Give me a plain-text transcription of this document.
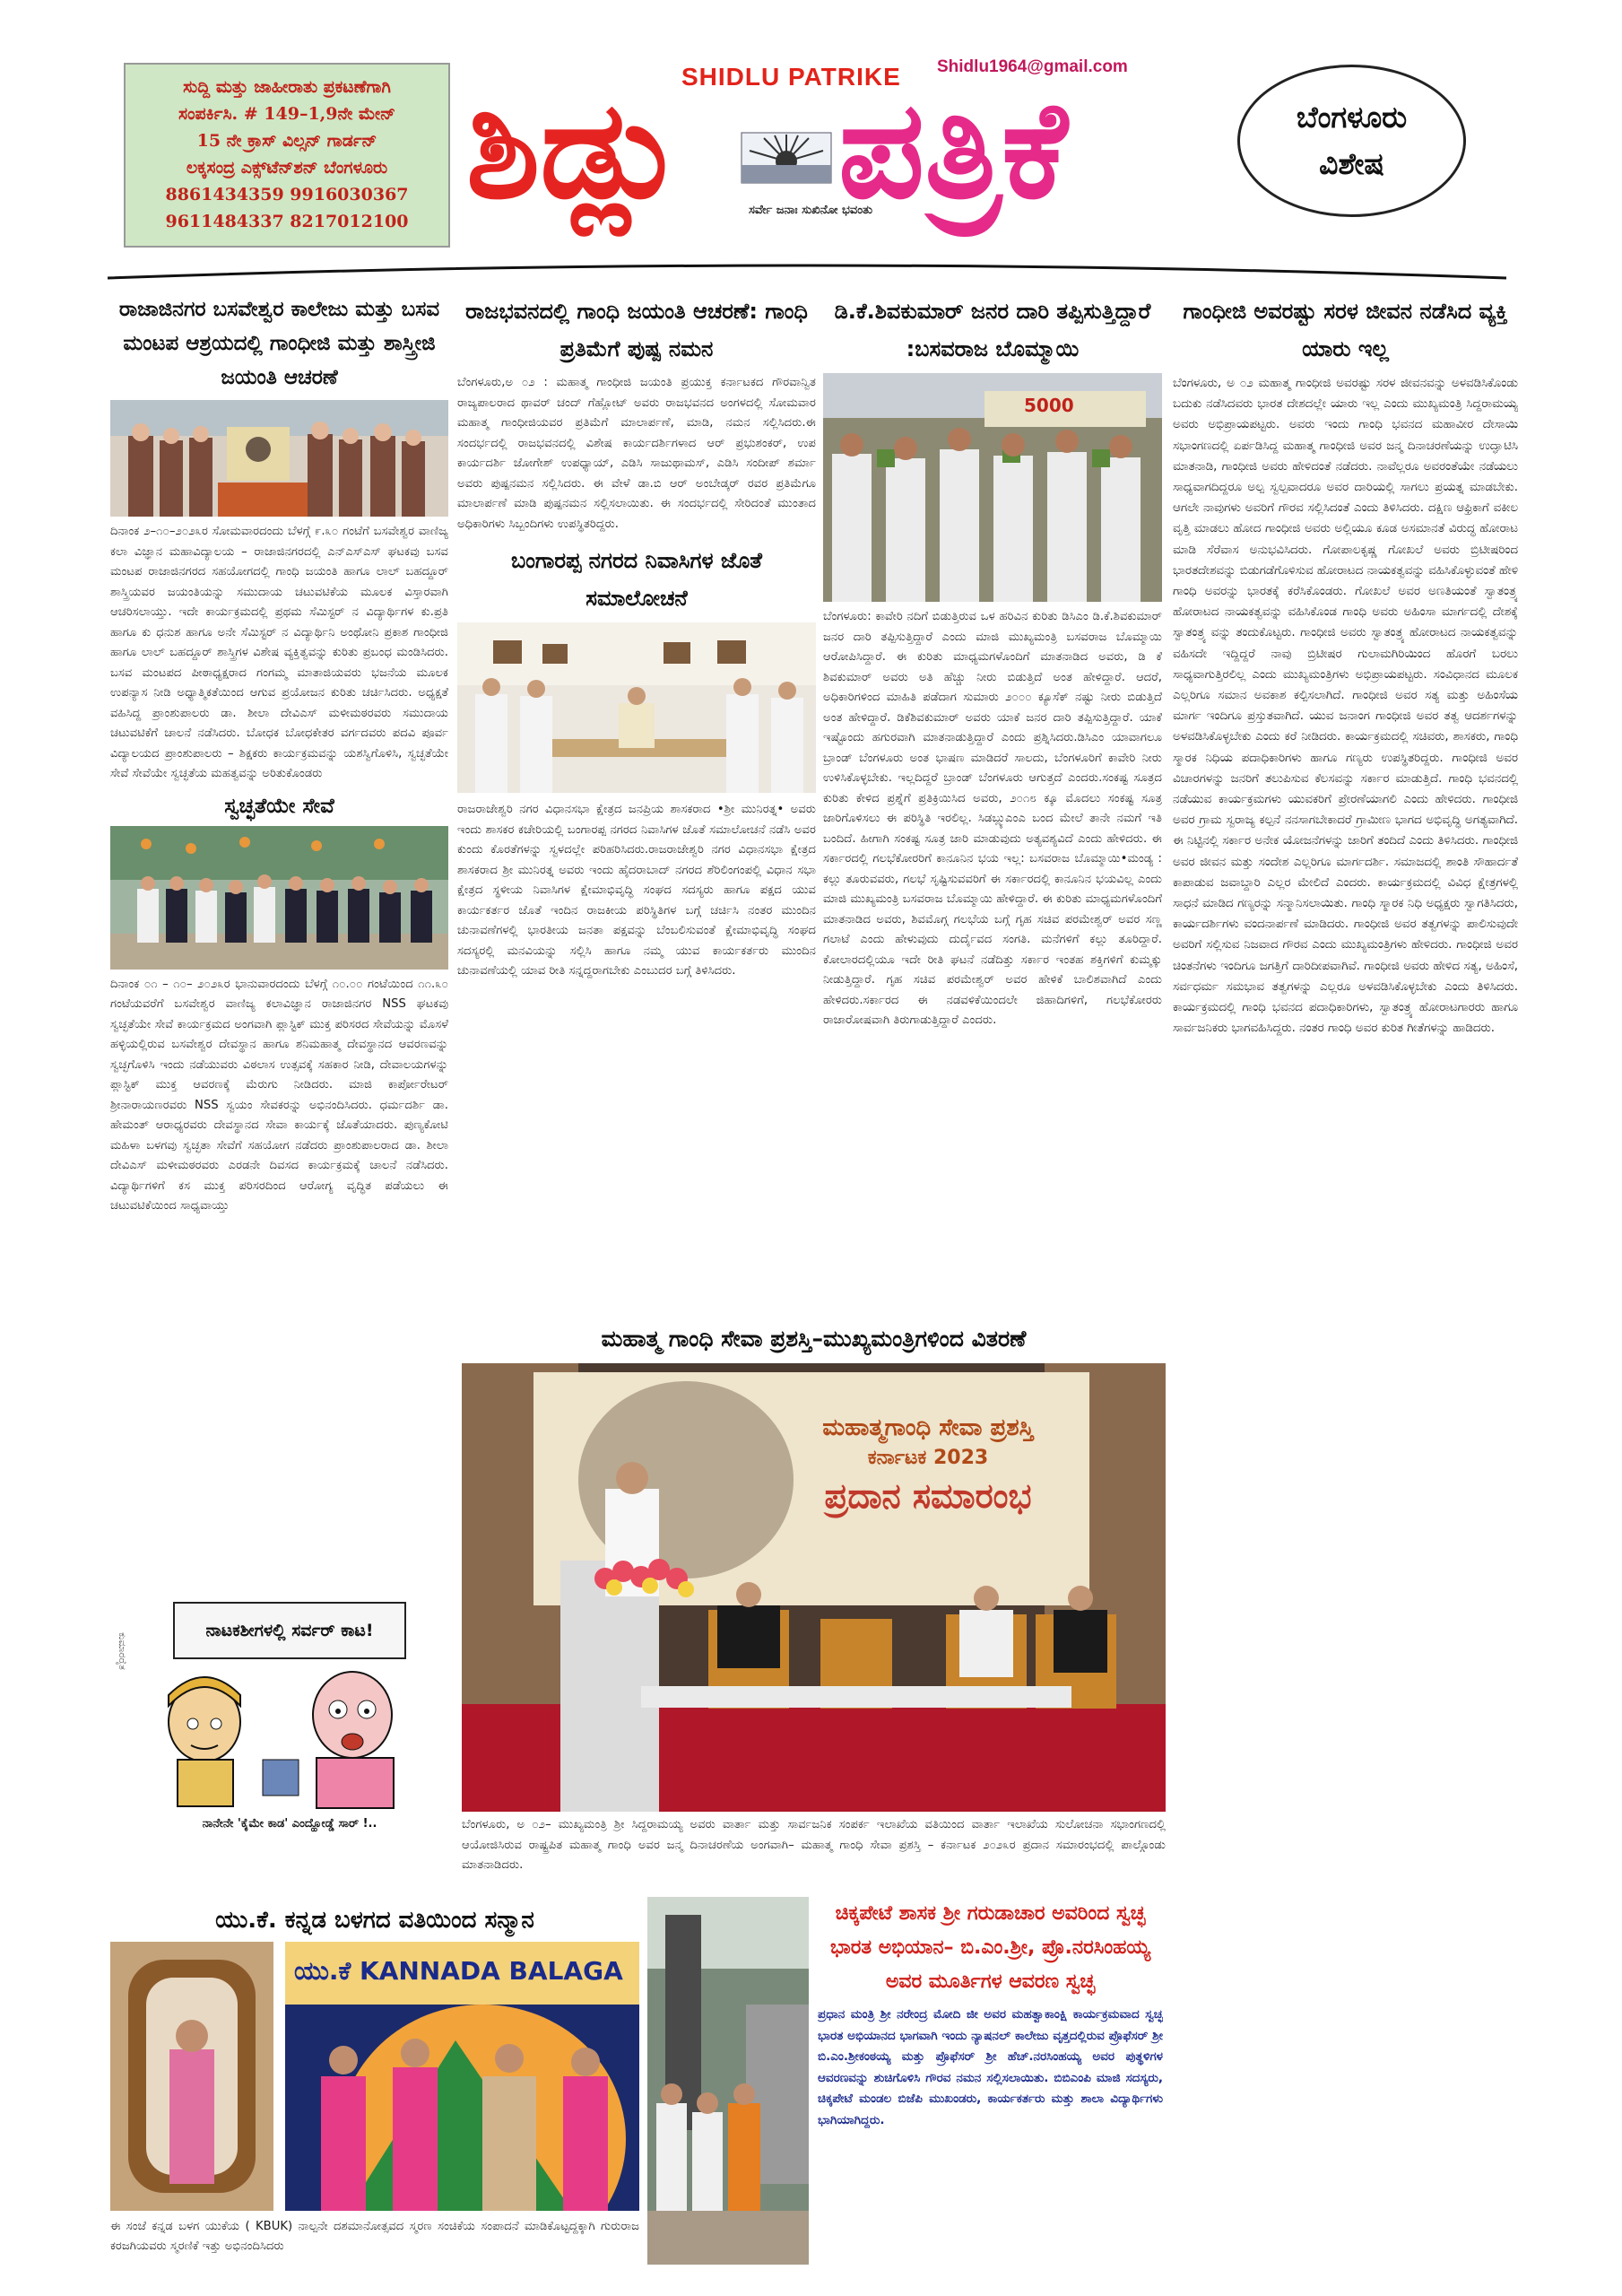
ಸುದ್ದಿ ಮತ್ತು ಜಾಹೀರಾತು ಪ್ರಕಟಣೆಗಾಗಿ

ಸಂಪರ್ಕಿಸಿ. # 149–1,9ನೇ ಮೇನ್

15 ನೇ ಕ್ರಾಸ್ ವಿಲ್ಸನ್ ಗಾರ್ಡನ್

ಲಕ್ಕಸಂದ್ರ ಎಕ್ಸ್‌ಟೆನ್‌ಶನ್ ಬೆಂಗಳೂರು

8861434359 9916030367

9611484337 8217012100

SHIDLU PATRIKE Shidlu1964@gmail.com
ಶಿಡ್ಲು ಪತ್ರಿಕೆ
ಸರ್ವೇ ಜನಾಃ ಸುಖಿನೋ ಭವಂತು
ಬೆಂಗಳೂರು
ವಿಶೇಷ
ರಾಜಾಜಿನಗರ ಬಸವೇಶ್ವರ ಕಾಲೇಜು ಮತ್ತು ಬಸವ ಮಂಟಪ ಆಶ್ರಯದಲ್ಲಿ ಗಾಂಧೀಜಿ ಮತ್ತು ಶಾಸ್ತ್ರೀಜಿ ಜಯಂತಿ ಆಚರಣೆ
ದಿನಾಂಕ ೨–೧೦–೨೦೨೩ರ ಸೋಮವಾರದಂದು ಬೆಳಗ್ಗೆ ೯.೩೦ ಗಂಟೆಗೆ ಬಸವೇಶ್ವರ ವಾಣಿಜ್ಯ ಕಲಾ ವಿಜ್ಞಾನ ಮಹಾವಿದ್ಯಾಲಯ – ರಾಜಾಜಿನಗರದಲ್ಲಿ ಎನ್‌ಎಸ್‌ಎಸ್ ಘಟಕವು ಬಸವ ಮಂಟಪ ರಾಜಾಜಿನಗರದ ಸಹಯೋಗದಲ್ಲಿ ಗಾಂಧಿ ಜಯಂತಿ ಹಾಗೂ ಲಾಲ್ ಬಹದ್ದೂರ್ ಶಾಸ್ತ್ರಿಯವರ ಜಯಂತಿಯನ್ನು ಸಮುದಾಯ ಚಟುವಟಿಕೆಯ ಮೂಲಕ ವಿಸ್ತಾರವಾಗಿ ಆಚರಿಸಲಾಯ್ತು. ಇದೇ ಕಾರ್ಯಕ್ರಮದಲ್ಲಿ ಪ್ರಥಮ ಸೆಮಿಸ್ಟರ್ ನ ವಿದ್ಯಾರ್ಥಿಗಳ ಕು.ಪ್ರತಿ ಹಾಗೂ ಕು ಧನುಶ ಹಾಗೂ ಅನೇ ಸೆಮಿಸ್ಟರ್ ನ ವಿದ್ಯಾರ್ಥಿನಿ ಅಂಥೋನಿ ಪ್ರಕಾಶ ಗಾಂಧೀಜಿ ಹಾಗೂ ಲಾಲ್ ಬಹದ್ದೂರ್ ಶಾಸ್ತ್ರಿಗಳ ವಿಶೇಷ ವ್ಯಕ್ತಿತ್ವವನ್ನು ಕುರಿತು ಪ್ರಬಂಧ ಮಂಡಿಸಿದರು. ಬಸವ ಮಂಟಪದ ಪೀಠಾಧ್ಯಕ್ಷರಾದ ಗಂಗಮ್ಮ ಮಾತಾಜಿಯವರು ಭಜನೆಯ ಮೂಲಕ ಉಪನ್ಯಾಸ ನೀಡಿ ಅಧ್ಯಾತ್ಮಿಕತೆಯಿಂದ ಆಗುವ ಪ್ರಯೋಜನ ಕುರಿತು ಚರ್ಚಿಸಿದರು. ಅಧ್ಯಕ್ಷತೆ ವಹಿಸಿದ್ದ ಪ್ರಾಂಶುಪಾಲರು ಡಾ. ಶೀಲಾ ದೇವಿಎಸ್ ಮಳೀಮಠರವರು ಸಮುದಾಯ ಚಟುವಟಿಕೆಗೆ ಚಾಲನೆ ನಡೆಸಿದರು. ಬೋಧಕ ಬೋಧಕೇತರ ವರ್ಗದವರು ಪದವಿ ಪೂರ್ವ ವಿದ್ಯಾಲಯದ ಪ್ರಾಂಶುಪಾಲರು – ಶಿಕ್ಷಕರು ಕಾರ್ಯಕ್ರಮವನ್ನು ಯಶಸ್ವಿಗೊಳಿಸಿ, ಸ್ವಚ್ಛತೆಯೇ ಸೇವೆ ಸೇವೆಯೇ ಸ್ವಚ್ಛತೆಯ ಮಹತ್ವವನ್ನು ಅರಿತುಕೊಂಡರು
ಸ್ವಚ್ಛತೆಯೇ ಸೇವೆ
ದಿನಾಂಕ ೦೧ – ೧೦– ೨೦೨೩ರ ಭಾನುವಾರದಂದು ಬೆಳಗ್ಗೆ ೧೦.೦೦ ಗಂಟೆಯಿಂದ ೧೧.೩೦ ಗಂಟೆಯವರೆಗೆ ಬಸವೇಶ್ವರ ವಾಣಿಜ್ಯ ಕಲಾವಿಜ್ಞಾನ ರಾಜಾಜಿನಗರ NSS ಘಟಕವು ಸ್ವಚ್ಛತೆಯೇ ಸೇವೆ ಕಾರ್ಯಕ್ರಮದ ಅಂಗವಾಗಿ ಪ್ಲಾಸ್ಟಿಕ್ ಮುಕ್ತ ಪರಿಸರದ ಸೇವೆಯನ್ನು ಮೊಸಳೆ ಹಳ್ಳಿಯಲ್ಲಿರುವ ಬಸವೇಶ್ವರ ದೇವಸ್ಥಾನ ಹಾಗೂ ಶನಿಮಹಾತ್ಮ ದೇವಸ್ಥಾನದ ಆವರಣವನ್ನು ಸ್ವಚ್ಛಗೊಳಿಸಿ ಇಂದು ನಡೆಯುವರು ವಿಠಲಾಸ ಉತ್ಸವಕ್ಕೆ ಸಹಕಾರ ನೀಡಿ, ದೇವಾಲಯಗಳನ್ನು ಪ್ಲಾಸ್ಟಿಕ್ ಮುಕ್ತ ಆವರಣಕ್ಕೆ ಮೆರುಗು ನೀಡಿದರು. ಮಾಜಿ ಕಾರ್ಪೋರೇಟರ್ ಶ್ರೀನಾರಾಯಣರವರು NSS ಸ್ವಯಂ ಸೇವಕರನ್ನು ಅಭಿನಂದಿಸಿದರು. ಧರ್ಮದರ್ಶಿ ಡಾ. ಹೇಮಂತ್ ಆರಾಧ್ಯರವರು ದೇವಸ್ಥಾನದ ಸೇವಾ ಕಾರ್ಯಕ್ಕೆ ಜೊತೆಯಾದರು. ಪುಣ್ಯಕೋಟಿ ಮಹಿಳಾ ಬಳಗವು ಸ್ವಚ್ಛತಾ ಸೇವೆಗೆ ಸಹಯೋಗ ನಡೆದರು ಪ್ರಾಂಶುಪಾಲರಾದ ಡಾ. ಶೀಲಾ ದೇವಿಎಸ್ ಮಳೀಮಠರವರು ಎರಡನೇ ದಿವಸದ ಕಾರ್ಯಕ್ರಮಕ್ಕೆ ಚಾಲನೆ ನಡೆಸಿದರು. ವಿದ್ಯಾರ್ಥಿಗಳಿಗೆ ಕಸ ಮುಕ್ತ ಪರಿಸರದಿಂದ ಆರೋಗ್ಯ ವೃದ್ಧಿತ ಪಡೆಯಲು ಈ ಚಟುವಟಿಕೆಯಿಂದ ಸಾಧ್ಯವಾಯ್ತು
ನಾಟಕಶೀಗಳಲ್ಲಿ ಸರ್ವರ್ ಕಾಟ!
ಕುಮಾರರೈತ
ನಾನೇನೇ 'ಕೈಮೇ ಕಾಡ' ಎಂದ್ಹೋಡ್ಡೆ ಸಾರ್ !..
ರಾಜಭವನದಲ್ಲಿ ಗಾಂಧಿ ಜಯಂತಿ ಆಚರಣೆ: ಗಾಂಧಿ ಪ್ರತಿಮೆಗೆ ಪುಷ್ಪ ನಮನ
ಬೆಂಗಳೂರು,ಅ ೦೨ : ಮಹಾತ್ಮ ಗಾಂಧೀಜಿ ಜಯಂತಿ ಪ್ರಯುಕ್ತ ಕರ್ನಾಟಕದ ಗೌರವಾನ್ವಿತ ರಾಜ್ಯಪಾಲರಾದ ಥಾವರ್ ಚಂದ್ ಗೆಹ್ಲೋಟ್ ಅವರು ರಾಜಭವನದ ಅಂಗಳದಲ್ಲಿ ಸೋಮವಾರ ಮಹಾತ್ಮ ಗಾಂಧೀಜಿಯವರ ಪ್ರತಿಮೆಗೆ ಮಾಲಾರ್ಪಣೆ, ಮಾಡಿ, ನಮನ ಸಲ್ಲಿಸಿದರು.ಈ ಸಂದರ್ಭದಲ್ಲಿ ರಾಜಭವನದಲ್ಲಿ ವಿಶೇಷ ಕಾರ್ಯದರ್ಶಿಗಳಾದ ಆರ್ ಪ್ರಭುಶಂಕರ್, ಉಪ ಕಾರ್ಯದರ್ಶಿ ಜೋಗೇಶ್ ಉಪಧ್ಯಾಯ್, ಎಡಿಸಿ ಸಾಜುಥಾಮಸ್, ಎಡಿಸಿ ಸಂದೀಪ್ ಶರ್ಮಾ ಅವರು ಪುಷ್ಪನಮನ ಸಲ್ಲಿಸಿದರು. ಈ ವೇಳೆ ಡಾ.ಬಿ ಆರ್ ಅಂಬೇಡ್ಕರ್ ರವರ ಪ್ರತಿಮೆಗೂ ಮಾಲಾರ್ಪಣೆ ಮಾಡಿ ಪುಷ್ಪನಮನ ಸಲ್ಲಿಸಲಾಯಿತು. ಈ ಸಂದರ್ಭದಲ್ಲಿ ಸೇರಿದಂತೆ ಮುಂತಾದ ಅಧಿಕಾರಿಗಳು ಸಿಬ್ಬಂದಿಗಳು ಉಪಸ್ಥಿತರಿದ್ದರು.
ಬಂಗಾರಪ್ಪ ನಗರದ ನಿವಾಸಿಗಳ ಜೊತೆ ಸಮಾಲೋಚನೆ
ರಾಜರಾಜೇಶ್ವರಿ ನಗರ ವಿಧಾನಸಭಾ ಕ್ಷೇತ್ರದ ಜನಪ್ರಿಯ ಶಾಸಕರಾದ •ಶ್ರೀ ಮುನಿರತ್ನ• ಅವರು ಇಂದು ಶಾಸಕರ ಕಚೇರಿಯಲ್ಲಿ ಬಂಗಾರಪ್ಪ ನಗರದ ನಿವಾಸಿಗಳ ಜೊತೆ ಸಮಾಲೋಚನೆ ನಡೆಸಿ ಅವರ ಕುಂದು ಕೊರತೆಗಳನ್ನು ಸ್ವಳದಲ್ಲೇ ಪರಿಹರಿಸಿದರು.ರಾಜರಾಜೇಶ್ವರಿ ನಗರ ವಿಧಾನಸಭಾ ಕ್ಷೇತ್ರದ ಶಾಸಕರಾದ ಶ್ರೀ ಮುನಿರತ್ನ ಅವರು ಇಂದು ಹೈದರಾಬಾದ್ ನಗರದ ಶೆರಿಲಿಂಗಂಪಲ್ಲಿ ವಿಧಾನ ಸಭಾ ಕ್ಷೇತ್ರದ ಸ್ಥಳೀಯ ನಿವಾಸಿಗಳ ಕ್ಷೇಮಾಭಿವೃದ್ಧಿ ಸಂಘದ ಸದಸ್ಯರು ಹಾಗೂ ಪಕ್ಷದ ಯುವ ಕಾರ್ಯಕರ್ತರ ಜೊತೆ ಇಂದಿನ ರಾಜಕೀಯ ಪರಿಸ್ಥಿತಿಗಳ ಬಗ್ಗೆ ಚರ್ಚಿಸಿ ನಂತರ ಮುಂದಿನ ಚುನಾವಣೆಗಳಲ್ಲಿ ಭಾರತೀಯ ಜನತಾ ಪಕ್ಷವನ್ನು ಬೆಂಬಲಿಸುವಂತೆ ಕ್ಷೇಮಾಭಿವೃದ್ಧಿ ಸಂಘದ ಸದಸ್ಯರಲ್ಲಿ ಮನವಿಯನ್ನು ಸಲ್ಲಿಸಿ ಹಾಗೂ ನಮ್ಮ ಯುವ ಕಾರ್ಯಕರ್ತರು ಮುಂದಿನ ಚುನಾವಣೆಯಲ್ಲಿ ಯಾವ ರೀತಿ ಸನ್ನದ್ದರಾಗಬೇಕು ಎಂಬುದರ ಬಗ್ಗೆ ತಿಳಿಸಿದರು.
ಡಿ.ಕೆ.ಶಿವಕುಮಾರ್ ಜನರ ದಾರಿ ತಪ್ಪಿಸುತ್ತಿದ್ದಾರೆ :ಬಸವರಾಜ ಬೊಮ್ಮಾಯಿ
5000
ಬೆಂಗಳೂರು: ಕಾವೇರಿ ನದಿಗೆ ಬಿಡುತ್ತಿರುವ ಒಳ ಹರಿವಿನ ಕುರಿತು ಡಿಸಿಎಂ ಡಿ.ಕೆ.ಶಿವಕುಮಾರ್ ಜನರ ದಾರಿ ತಪ್ಪಿಸುತ್ತಿದ್ದಾರೆ ಎಂದು ಮಾಜಿ ಮುಖ್ಯಮಂತ್ರಿ ಬಸವರಾಜ ಬೊಮ್ಮಾಯಿ ಆರೋಪಿಸಿದ್ದಾರೆ. ಈ ಕುರಿತು ಮಾಧ್ಯಮಗಳೊಂದಿಗೆ ಮಾತನಾಡಿದ ಅವರು, ಡಿ ಕೆ ಶಿವಕುಮಾರ್ ಅವರು ಅತಿ ಹೆಚ್ಚು ನೀರು ಬಿಡುತ್ತಿದೆ ಅಂತ ಹೇಳಿದ್ದಾರೆ. ಆದರೆ, ಅಧಿಕಾರಿಗಳಿಂದ ಮಾಹಿತಿ ಪಡೆದಾಗ ಸುಮಾರು ೨೦೦೦ ಕ್ಯೂಸೆಕ್ ನಷ್ಟು ನೀರು ಬಿಡುತ್ತಿದೆ ಅಂತ ಹೇಳಿದ್ದಾರೆ. ಡಿಕೆಶಿವಕುಮಾರ್ ಅವರು ಯಾಕೆ ಜನರ ದಾರಿ ತಪ್ಪಿಸುತ್ತಿದ್ದಾರೆ. ಯಾಕೆ ಇಷ್ಟೊಂದು ಹಗುರವಾಗಿ ಮಾತನಾಡುತ್ತಿದ್ದಾರೆ ಎಂದು ಪ್ರಶ್ನಿಸಿದರು.ಡಿಸಿಎಂ ಯಾವಾಗಲೂ ಬ್ರಾಂಡ್ ಬೆಂಗಳೂರು ಅಂತ ಭಾಷಣ ಮಾಡಿದರೆ ಸಾಲದು, ಬೆಂಗಳೂರಿಗೆ ಕಾವೇರಿ ನೀರು ಉಳಿಸಿಕೊಳ್ಳಬೇಕು. ಇಲ್ಲದಿದ್ದರೆ ಬ್ರಾಂಡ್ ಬೆಂಗಳೂರು ಆಗುತ್ತದೆ ಎಂದರು.ಸಂಕಷ್ಟ ಸೂತ್ರದ ಕುರಿತು ಕೇಳಿದ ಪ್ರಶ್ನೆಗೆ ಪ್ರತಿಕ್ರಿಯಿಸಿದ ಅವರು, ೨೦೧೮ ಕ್ಕೂ ಮೊದಲು ಸಂಕಷ್ಟ ಸೂತ್ರ ಜಾರಿಗೊಳಿಸಲು ಈ ಪರಿಸ್ಥಿತಿ ಇರಲಿಲ್ಲ. ಸಿಡಬ್ಲ್ಯುಎಂಎ ಬಂದ ಮೇಲೆ ತಾನೇ ನಮಗೆ ಇತಿ ಬಂದಿದೆ. ಹೀಗಾಗಿ ಸಂಕಷ್ಟ ಸೂತ್ರ ಜಾರಿ ಮಾಡುವುದು ಅತ್ಯವಶ್ಯವಿದೆ ಎಂದು ಹೇಳಿದರು. ಈ ಸರ್ಕಾರದಲ್ಲಿ ಗಲಭೆಕೋರರಿಗೆ ಕಾನೂನಿನ ಭಯ ಇಲ್ಲ: ಬಸವರಾಜ ಬೊಮ್ಮಾಯಿ•ಮಂಡ್ಯ : ಕಲ್ಲು ತೂರುವವರು, ಗಲಭೆ ಸೃಷ್ಟಿಸುವವರಿಗೆ ಈ ಸರ್ಕಾರದಲ್ಲಿ ಕಾನೂನಿನ ಭಯವಿಲ್ಲ ಎಂದು ಮಾಜಿ ಮುಖ್ಯಮಂತ್ರಿ ಬಸವರಾಜ ಬೊಮ್ಮಾಯಿ ಹೇಳಿದ್ದಾರೆ. ಈ ಕುರಿತು ಮಾಧ್ಯಮಗಳೊಂದಿಗೆ ಮಾತನಾಡಿದ ಅವರು, ಶಿವಮೊಗ್ಗ ಗಲಭೆಯ ಬಗ್ಗೆ ಗೃಹ ಸಚಿವ ಪರಮೇಶ್ವರ್ ಅವರ ಸಣ್ಣ ಗಲಾಟೆ ಎಂದು ಹೇಳುವುದು ದುರ್ದೈವದ ಸಂಗತಿ. ಮನೆಗಳಿಗೆ ಕಲ್ಲು ತೂರಿದ್ದಾರೆ. ಕೋಲಾರದಲ್ಲಿಯೂ ಇದೇ ರೀತಿ ಘಟನೆ ನಡೆದಿತ್ತು ಸರ್ಕಾರ ಇಂತಹ ಶಕ್ತಿಗಳಿಗೆ ಕುಮ್ಮಕ್ಕು ನೀಡುತ್ತಿದ್ದಾರೆ. ಗೃಹ ಸಚಿವ ಪರಮೇಶ್ವರ್ ಅವರ ಹೇಳಿಕೆ ಬಾಲಿಶವಾಗಿದೆ ಎಂದು ಹೇಳಿದರು.ಸರ್ಕಾರದ ಈ ನಡವಳಿಕೆಯಿಂದಲೇ ಜಿಹಾದಿಗಳಿಗೆ, ಗಲಭೆಕೋರರು ರಾಜಾರೋಷವಾಗಿ ತಿರುಗಾಡುತ್ತಿದ್ದಾರೆ ಎಂದರು.
ಮಹಾತ್ಮ ಗಾಂಧಿ ಸೇವಾ ಪ್ರಶಸ್ತಿ–ಮುಖ್ಯಮಂತ್ರಿಗಳಿಂದ ವಿತರಣೆ
ಮಹಾತ್ಮಗಾಂಧಿ ಸೇವಾ ಪ್ರಶಸ್ತಿ
ಕರ್ನಾಟಕ 2023
ಪ್ರದಾನ ಸಮಾರಂಭ
ಬೆಂಗಳೂರು, ಅ ೦೨– ಮುಖ್ಯಮಂತ್ರಿ ಶ್ರೀ ಸಿದ್ದರಾಮಯ್ಯ ಅವರು ವಾರ್ತಾ ಮತ್ತು ಸಾರ್ವಜನಿಕ ಸಂಪರ್ಕ ಇಲಾಖೆಯ ವತಿಯಿಂದ ವಾರ್ತಾ ಇಲಾಖೆಯ ಸುಲೋಚನಾ ಸಭಾಂಗಣದಲ್ಲಿ ಆಯೋಜಿಸಿರುವ ರಾಷ್ಟ್ರಪಿತ ಮಹಾತ್ಮ ಗಾಂಧಿ ಅವರ ಜನ್ಮ ದಿನಾಚರಣೆಯ ಅಂಗವಾಗಿ– ಮಹಾತ್ಮ ಗಾಂಧಿ ಸೇವಾ ಪ್ರಶಸ್ತಿ – ಕರ್ನಾಟಕ ೨೦೨೩ರ ಪ್ರದಾನ ಸಮಾರಂಭದಲ್ಲಿ ಪಾಲ್ಗೊಂಡು ಮಾತನಾಡಿದರು.
ಗಾಂಧೀಜಿ ಅವರಷ್ಟು ಸರಳ ಜೀವನ ನಡೆಸಿದ ವ್ಯಕ್ತಿ ಯಾರು ಇಲ್ಲ
ಬೆಂಗಳೂರು, ಅ ೦೨ ಮಹಾತ್ಮ ಗಾಂಧೀಜಿ ಅವರಷ್ಟು ಸರಳ ಜೀವನವನ್ನು ಅಳವಡಿಸಿಕೊಂಡು ಬದುಕು ನಡೆಸಿದವರು ಭಾರತ ದೇಶದಲ್ಲೇ ಯಾರು ಇಲ್ಲ ಎಂದು ಮುಖ್ಯಮಂತ್ರಿ ಸಿದ್ದರಾಮಯ್ಯ ಅವರು ಅಭಿಪ್ರಾಯಪಟ್ಟರು. ಅವರು ಇಂದು ಗಾಂಧಿ ಭವನದ ಮಹಾವೀರ ದೇಸಾಯಿ ಸಭಾಂಗಣದಲ್ಲಿ ಏರ್ಪಡಿಸಿದ್ದ ಮಹಾತ್ಮ ಗಾಂಧೀಜಿ ಅವರ ಜನ್ಮ ದಿನಾಚರಣೆಯನ್ನು ಉದ್ಘಾಟಿಸಿ ಮಾತನಾಡಿ, ಗಾಂಧೀಜಿ ಅವರು ಹೇಳಿದಂತೆ ನಡೆದರು. ನಾವೆಲ್ಲರೂ ಅವರಂತೆಯೇ ನಡೆಯಲು ಸಾಧ್ಯವಾಗದಿದ್ದರೂ ಅಲ್ಪ ಸ್ವಲ್ಪವಾದರೂ ಅವರ ದಾರಿಯಲ್ಲಿ ಸಾಗಲು ಪ್ರಯತ್ನ ಮಾಡಬೇಕು. ಆಗಲೇ ನಾವುಗಳು ಅವರಿಗೆ ಗೌರವ ಸಲ್ಲಿಸಿದಂತೆ ಎಂದು ತಿಳಿಸಿದರು. ದಕ್ಷಿಣ ಆಫ್ರಿಕಾಗೆ ವಕೀಲ ವೃತ್ತಿ ಮಾಡಲು ಹೋದ ಗಾಂಧೀಜಿ ಅವರು ಅಲ್ಲಿಯೂ ಕೂಡ ಅಸಮಾನತೆ ವಿರುದ್ಧ ಹೋರಾಟ ಮಾಡಿ ಸೆರೆವಾಸ ಅನುಭವಿಸಿದರು. ಗೋಪಾಲಕೃಷ್ಣ ಗೋಖಲೆ ಅವರು ಬ್ರಿಟೀಷರಿಂದ ಭಾರತದೇಶವನ್ನು ಬಿಡುಗಡೆಗೊಳಿಸುವ ಹೋರಾಟದ ನಾಯಕತ್ವವನ್ನು ವಹಿಸಿಕೊಳ್ಳುವಂತೆ ಹೇಳಿ ಗಾಂಧಿ ಅವರನ್ನು ಭಾರತಕ್ಕೆ ಕರೆಸಿಕೊಂಡರು. ಗೋಖಲೆ ಅವರ ಅಣತಿಯಂತೆ ಸ್ವಾತಂತ್ರ್ಯ ಹೋರಾಟದ ನಾಯಕತ್ವವನ್ನು ವಹಿಸಿಕೊಂಡ ಗಾಂಧಿ ಅವರು ಅಹಿಂಸಾ ಮಾರ್ಗದಲ್ಲಿ ದೇಶಕ್ಕೆ ಸ್ವಾತಂತ್ರ್ಯ ವನ್ನು ತಂದುಕೊಟ್ಟರು. ಗಾಂಧೀಜಿ ಅವರು ಸ್ವಾತಂತ್ರ್ಯ ಹೋರಾಟದ ನಾಯಕತ್ವವನ್ನು ವಹಿಸದೇ ಇದ್ದಿದ್ದರೆ ನಾವು ಬ್ರಿಟೀಷರ ಗುಲಾಮಗಿರಿಯಿಂದ ಹೊರಗೆ ಬರಲು ಸಾಧ್ಯವಾಗುತ್ತಿರಲಿಲ್ಲ ಎಂದು ಮುಖ್ಯಮಂತ್ರಿಗಳು ಅಭಿಪ್ರಾಯಪಟ್ಟರು. ಸಂವಿಧಾನದ ಮೂಲಕ ಎಲ್ಲರಿಗೂ ಸಮಾನ ಅವಕಾಶ ಕಲ್ಪಿಸಲಾಗಿದೆ. ಗಾಂಧೀಜಿ ಅವರ ಸತ್ಯ ಮತ್ತು ಅಹಿಂಸೆಯ ಮಾರ್ಗ ಇಂದಿಗೂ ಪ್ರಸ್ತುತವಾಗಿದೆ. ಯುವ ಜನಾಂಗ ಗಾಂಧೀಜಿ ಅವರ ತತ್ವ ಆದರ್ಶಗಳನ್ನು ಅಳವಡಿಸಿಕೊಳ್ಳಬೇಕು ಎಂದು ಕರೆ ನೀಡಿದರು. ಕಾರ್ಯಕ್ರಮದಲ್ಲಿ ಸಚಿವರು, ಶಾಸಕರು, ಗಾಂಧಿ ಸ್ಮಾರಕ ನಿಧಿಯ ಪದಾಧಿಕಾರಿಗಳು ಹಾಗೂ ಗಣ್ಯರು ಉಪಸ್ಥಿತರಿದ್ದರು. ಗಾಂಧೀಜಿ ಅವರ ವಿಚಾರಗಳನ್ನು ಜನರಿಗೆ ತಲುಪಿಸುವ ಕೆಲಸವನ್ನು ಸರ್ಕಾರ ಮಾಡುತ್ತಿದೆ. ಗಾಂಧಿ ಭವನದಲ್ಲಿ ನಡೆಯುವ ಕಾರ್ಯಕ್ರಮಗಳು ಯುವಕರಿಗೆ ಪ್ರೇರಣೆಯಾಗಲಿ ಎಂದು ಹೇಳಿದರು. ಗಾಂಧೀಜಿ ಅವರ ಗ್ರಾಮ ಸ್ವರಾಜ್ಯ ಕಲ್ಪನೆ ನನಸಾಗಬೇಕಾದರೆ ಗ್ರಾಮೀಣ ಭಾಗದ ಅಭಿವೃದ್ಧಿ ಅಗತ್ಯವಾಗಿದೆ. ಈ ನಿಟ್ಟಿನಲ್ಲಿ ಸರ್ಕಾರ ಅನೇಕ ಯೋಜನೆಗಳನ್ನು ಜಾರಿಗೆ ತಂದಿದೆ ಎಂದು ತಿಳಿಸಿದರು. ಗಾಂಧೀಜಿ ಅವರ ಜೀವನ ಮತ್ತು ಸಂದೇಶ ಎಲ್ಲರಿಗೂ ಮಾರ್ಗದರ್ಶಿ. ಸಮಾಜದಲ್ಲಿ ಶಾಂತಿ ಸೌಹಾರ್ದತೆ ಕಾಪಾಡುವ ಜವಾಬ್ದಾರಿ ಎಲ್ಲರ ಮೇಲಿದೆ ಎಂದರು. ಕಾರ್ಯಕ್ರಮದಲ್ಲಿ ವಿವಿಧ ಕ್ಷೇತ್ರಗಳಲ್ಲಿ ಸಾಧನೆ ಮಾಡಿದ ಗಣ್ಯರನ್ನು ಸನ್ಮಾನಿಸಲಾಯಿತು. ಗಾಂಧಿ ಸ್ಮಾರಕ ನಿಧಿ ಅಧ್ಯಕ್ಷರು ಸ್ವಾಗತಿಸಿದರು, ಕಾರ್ಯದರ್ಶಿಗಳು ವಂದನಾರ್ಪಣೆ ಮಾಡಿದರು. ಗಾಂಧೀಜಿ ಅವರ ತತ್ವಗಳನ್ನು ಪಾಲಿಸುವುದೇ ಅವರಿಗೆ ಸಲ್ಲಿಸುವ ನಿಜವಾದ ಗೌರವ ಎಂದು ಮುಖ್ಯಮಂತ್ರಿಗಳು ಹೇಳಿದರು. ಗಾಂಧೀಜಿ ಅವರ ಚಿಂತನೆಗಳು ಇಂದಿಗೂ ಜಗತ್ತಿಗೆ ದಾರಿದೀಪವಾಗಿವೆ. ಗಾಂಧೀಜಿ ಅವರು ಹೇಳಿದ ಸತ್ಯ, ಅಹಿಂಸೆ, ಸರ್ವಧರ್ಮ ಸಮಭಾವ ತತ್ವಗಳನ್ನು ಎಲ್ಲರೂ ಅಳವಡಿಸಿಕೊಳ್ಳಬೇಕು ಎಂದು ತಿಳಿಸಿದರು. ಕಾರ್ಯಕ್ರಮದಲ್ಲಿ ಗಾಂಧಿ ಭವನದ ಪದಾಧಿಕಾರಿಗಳು, ಸ್ವಾತಂತ್ರ್ಯ ಹೋರಾಟಗಾರರು ಹಾಗೂ ಸಾರ್ವಜನಿಕರು ಭಾಗವಹಿಸಿದ್ದರು. ನಂತರ ಗಾಂಧಿ ಅವರ ಕುರಿತ ಗೀತೆಗಳನ್ನು ಹಾಡಿದರು.
ಯು.ಕೆ. ಕನ್ನಡ ಬಳಗದ ವತಿಯಿಂದ ಸನ್ಮಾನ
ಯು.ಕೆ KANNADA BALAGA
ಈ ಸಂಜೆ ಕನ್ನಡ ಬಳಗ ಯುಕೆಯ ( KBUK) ನಾಲ್ಪನೇ ದಶಮಾನೋತ್ಸವದ ಸ್ಮರಣ ಸಂಚಿಕೆಯ ಸಂಪಾದನೆ ಮಾಡಿಕೊಟ್ಟದ್ದಕ್ಕಾಗಿ ಗುರುರಾಜ ಕರಜಗಿಯವರು ಸ್ಮರಣಿಕೆ ಇತ್ತು ಅಭಿನಂದಿಸಿದರು
ಚಿಕ್ಕಪೇಟೆ ಶಾಸಕ ಶ್ರೀ ಗರುಡಾಚಾರ ಅವರಿಂದ ಸ್ವಚ್ಛ ಭಾರತ ಅಭಿಯಾನ– ಬಿ.ಎಂ.ಶ್ರೀ, ಪ್ರೊ.ನರಸಿಂಹಯ್ಯ ಅವರ ಮೂರ್ತಿಗಳ ಆವರಣ ಸ್ವಚ್ಛ
ಪ್ರಧಾನ ಮಂತ್ರಿ ಶ್ರೀ ನರೇಂದ್ರ ಮೋದಿ ಜೀ ಅವರ ಮಹತ್ವಾಕಾಂಕ್ಷಿ ಕಾರ್ಯಕ್ರಮವಾದ ಸ್ವಚ್ಛ ಭಾರತ ಅಭಿಯಾನದ ಭಾಗವಾಗಿ ಇಂದು ನ್ಯಾಷನಲ್ ಕಾಲೇಜು ವೃತ್ತದಲ್ಲಿರುವ ಪ್ರೊಫೆಸರ್ ಶ್ರೀ ಬಿ.ಎಂ.ಶ್ರೀಕಂಠಯ್ಯ ಮತ್ತು ಪ್ರೊಫೆಸರ್ ಶ್ರೀ ಹೆಚ್.ನರಸಿಂಹಯ್ಯ ಅವರ ಪುತ್ಥಳಿಗಳ ಆವರಣವನ್ನು ಶುಚಿಗೊಳಿಸಿ ಗೌರವ ನಮನ ಸಲ್ಲಿಸಲಾಯಿತು. ಬಿಬಿಎಂಪಿ ಮಾಜಿ ಸದಸ್ಯರು, ಚಿಕ್ಕಪೇಟೆ ಮಂಡಲ ಬಿಜೆಪಿ ಮುಖಂಡರು, ಕಾರ್ಯಕರ್ತರು ಮತ್ತು ಶಾಲಾ ವಿದ್ಯಾರ್ಥಿಗಳು ಭಾಗಿಯಾಗಿದ್ದರು.
